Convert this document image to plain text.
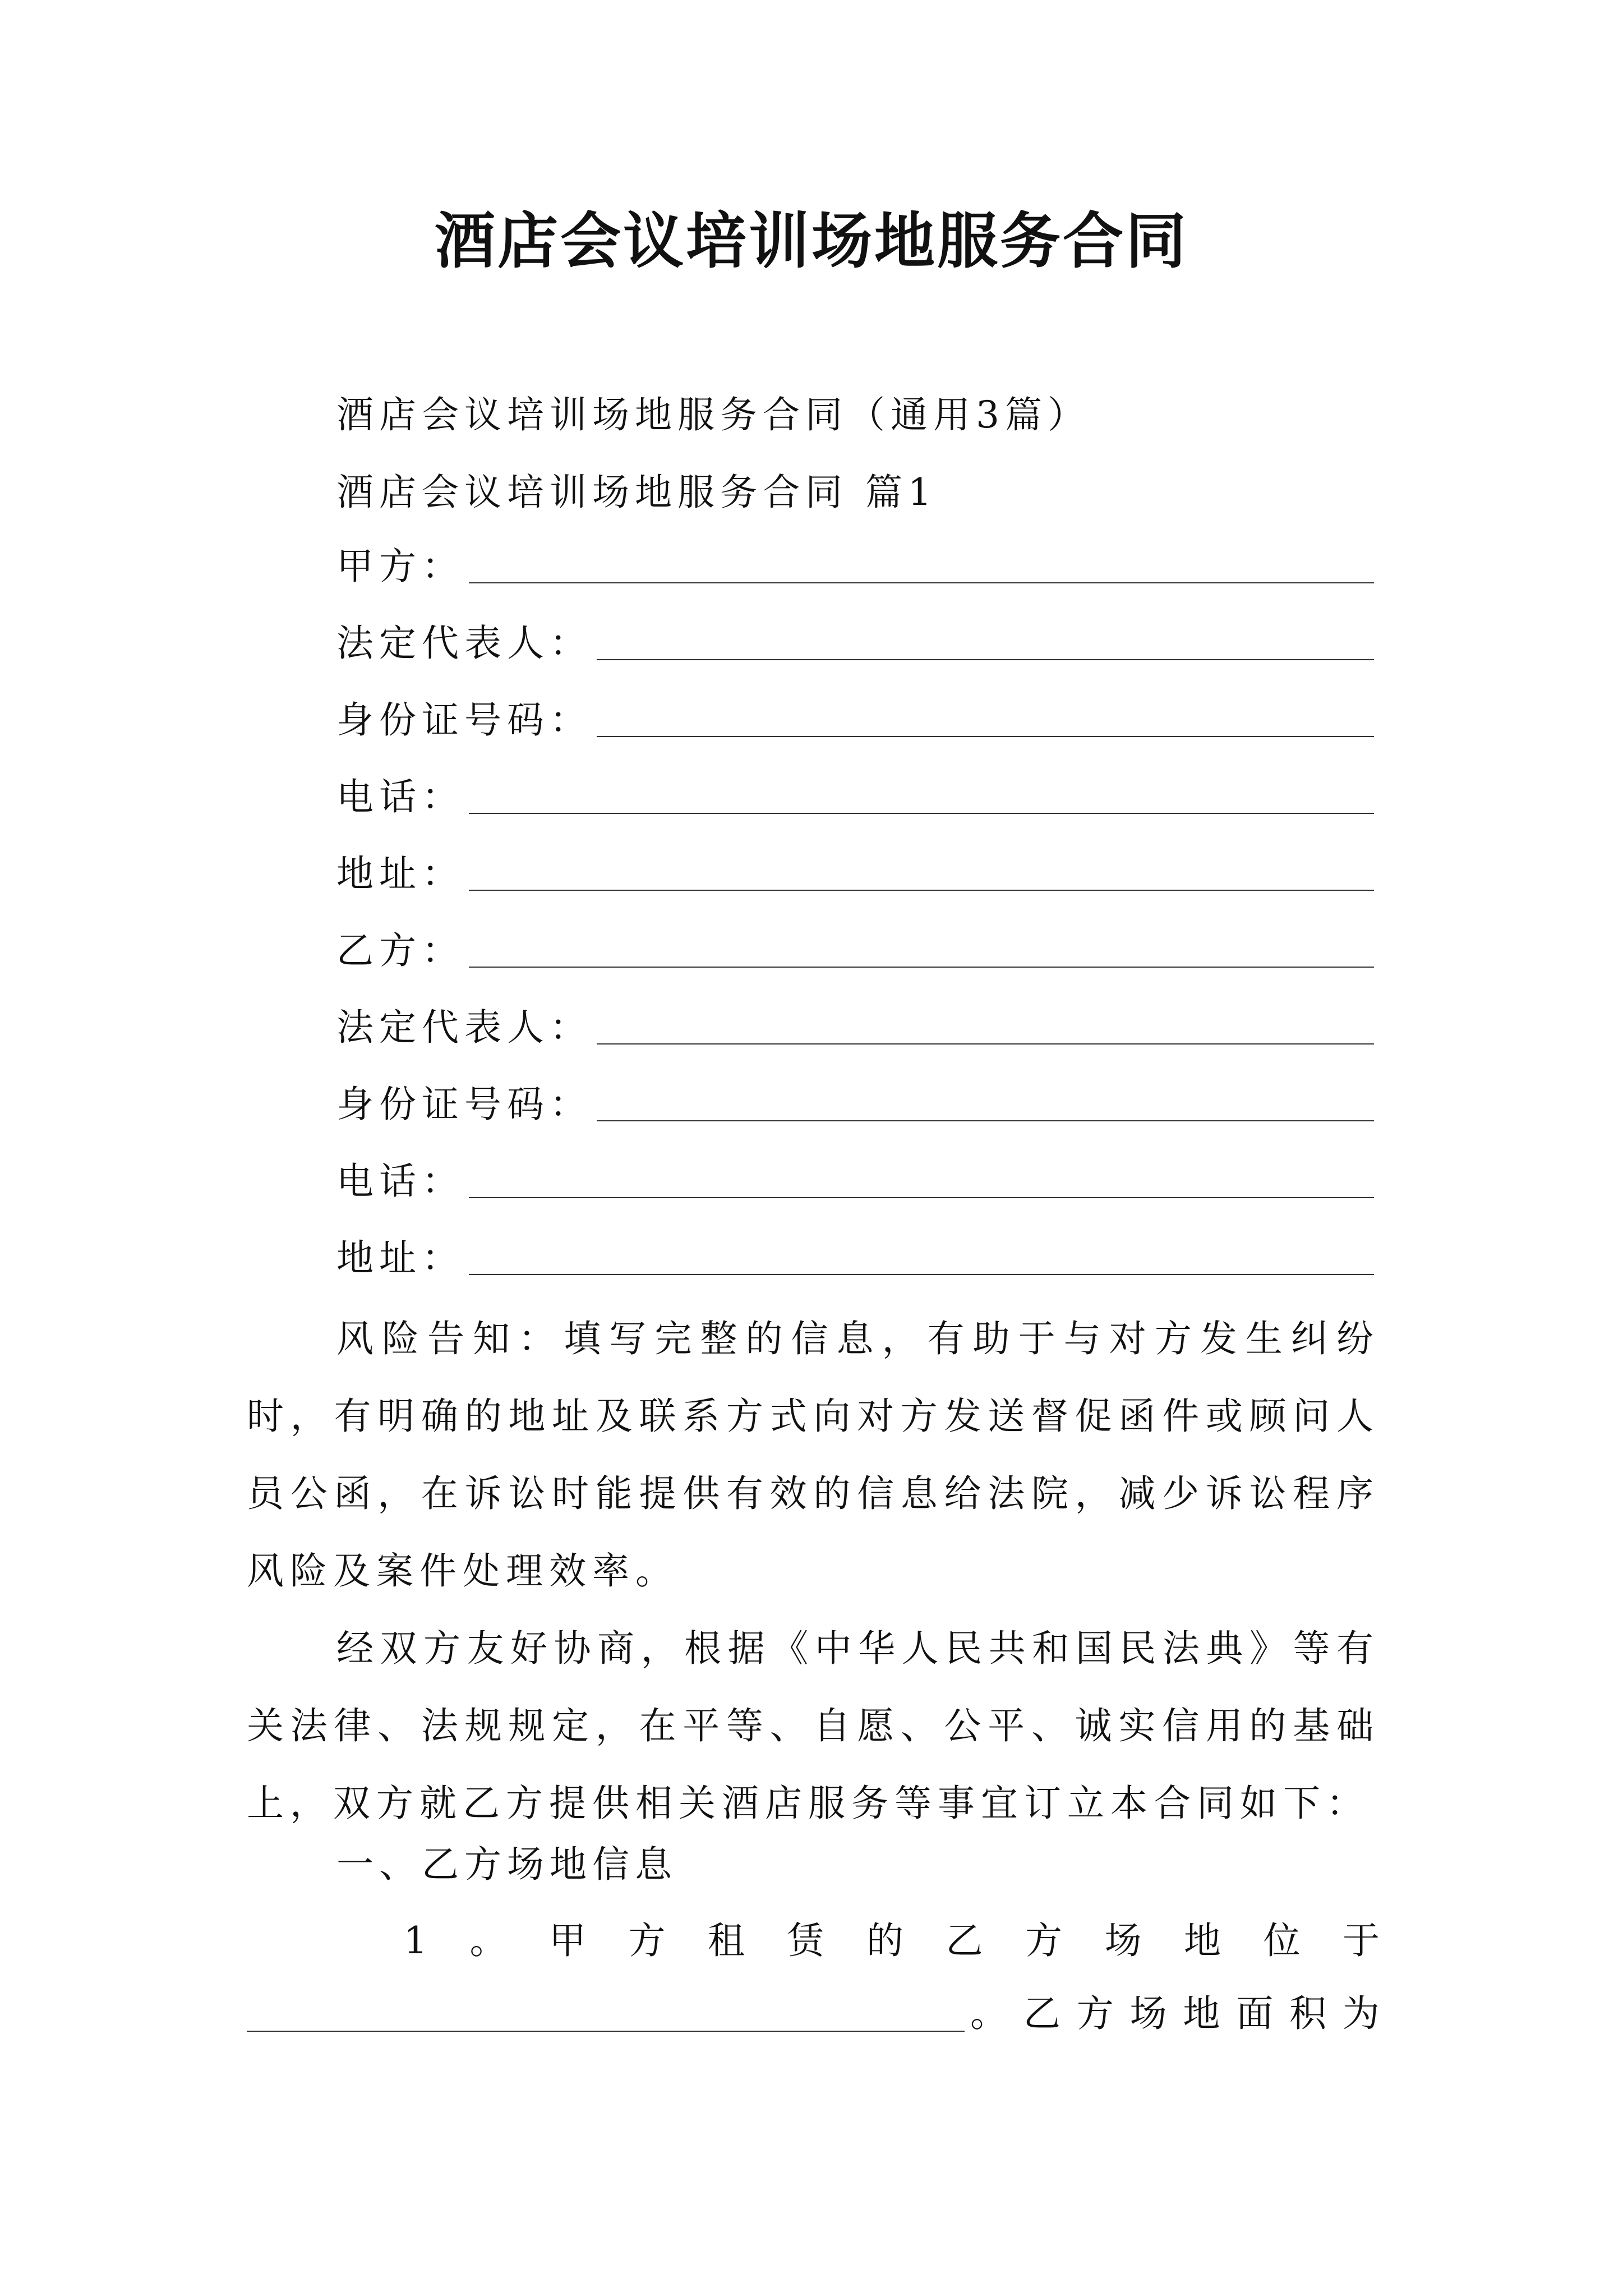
酒店会议培训场地服务合同
酒店会议培训场地服务合同（通用3篇）
酒店会议培训场地服务合同 篇1
甲方：
法定代表人：
身份证号码：
电话：
地址：
乙方：
法定代表人：
身份证号码：
电话：
地址：
风险告知：填写完整的信息，有助于与对方发生纠纷时，有明确的地址及联系方式向对方发送督促函件或顾问人员公函，在诉讼时能提供有效的信息给法院，减少诉讼程序风险及案件处理效率。
经双方友好协商，根据《中华人民共和国民法典》等有关法律、法规规定，在平等、自愿、公平、诚实信用的基础上，双方就乙方提供相关酒店服务等事宜订立本合同如下：
一、乙方场地信息
1 。 甲 方 租 赁 的 乙 方 场 地 位 于
。 乙 方 场 地 面 积 为
